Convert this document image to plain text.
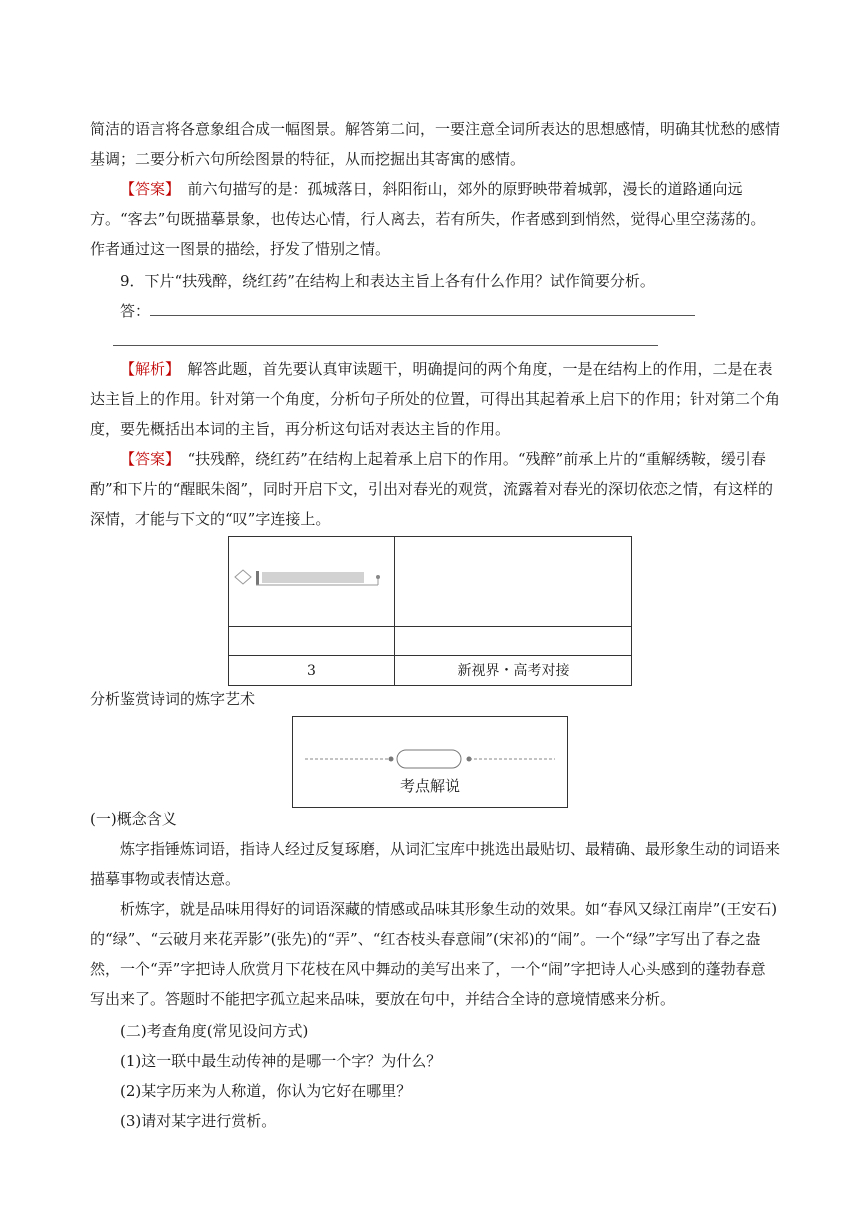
简洁的语言将各意象组合成一幅图景。解答第二问，一要注意全词所表达的思想感情，明确其忧愁的感情基调；二要分析六句所绘图景的特征，从而挖掘出其寄寓的感情。

【答案】　前六句描写的是：孤城落日，斜阳衔山，郊外的原野映带着城郭，漫长的道路通向远方。“客去”句既描摹景象，也传达心情，行人离去，若有所失，作者感到到悄然，觉得心里空荡荡的。作者通过这一图景的描绘，抒发了惜别之情。

9．下片“扶残醉，绕红药”在结构上和表达主旨上各有什么作用？试作简要分析。

答：

【解析】　解答此题，首先要认真审读题干，明确提问的两个角度，一是在结构上的作用，二是在表达主旨上的作用。针对第一个角度，分析句子所处的位置，可得出其起着承上启下的作用；针对第二个角度，要先概括出本词的主旨，再分析这句话对表达主旨的作用。

【答案】　“扶残醉，绕红药”在结构上起着承上启下的作用。“残醉”前承上片的“重解绣鞍，缓引春酌”和下片的“醒眠朱阁”，同时开启下文，引出对春光的观赏，流露着对春光的深切依恋之情，有这样的深情，才能与下文的“叹”字连接上。

3	新视界・高考对接

分析鉴赏诗词的炼字艺术

考点解说

(一)概念含义

炼字指锤炼词语，指诗人经过反复琢磨，从词汇宝库中挑选出最贴切、最精确、最形象生动的词语来描摹事物或表情达意。

析炼字，就是品味用得好的词语深藏的情感或品味其形象生动的效果。如“春风又绿江南岸”(王安石)的“绿”、“云破月来花弄影”(张先)的“弄”、“红杏枝头春意闹”(宋祁)的“闹”。一个“绿”字写出了春之盎然，一个“弄”字把诗人欣赏月下花枝在风中舞动的美写出来了，一个“闹”字把诗人心头感到的蓬勃春意写出来了。答题时不能把字孤立起来品味，要放在句中，并结合全诗的意境情感来分析。

(二)考查角度(常见设问方式)

(1)这一联中最生动传神的是哪一个字？为什么？

(2)某字历来为人称道，你认为它好在哪里？

(3)请对某字进行赏析。
